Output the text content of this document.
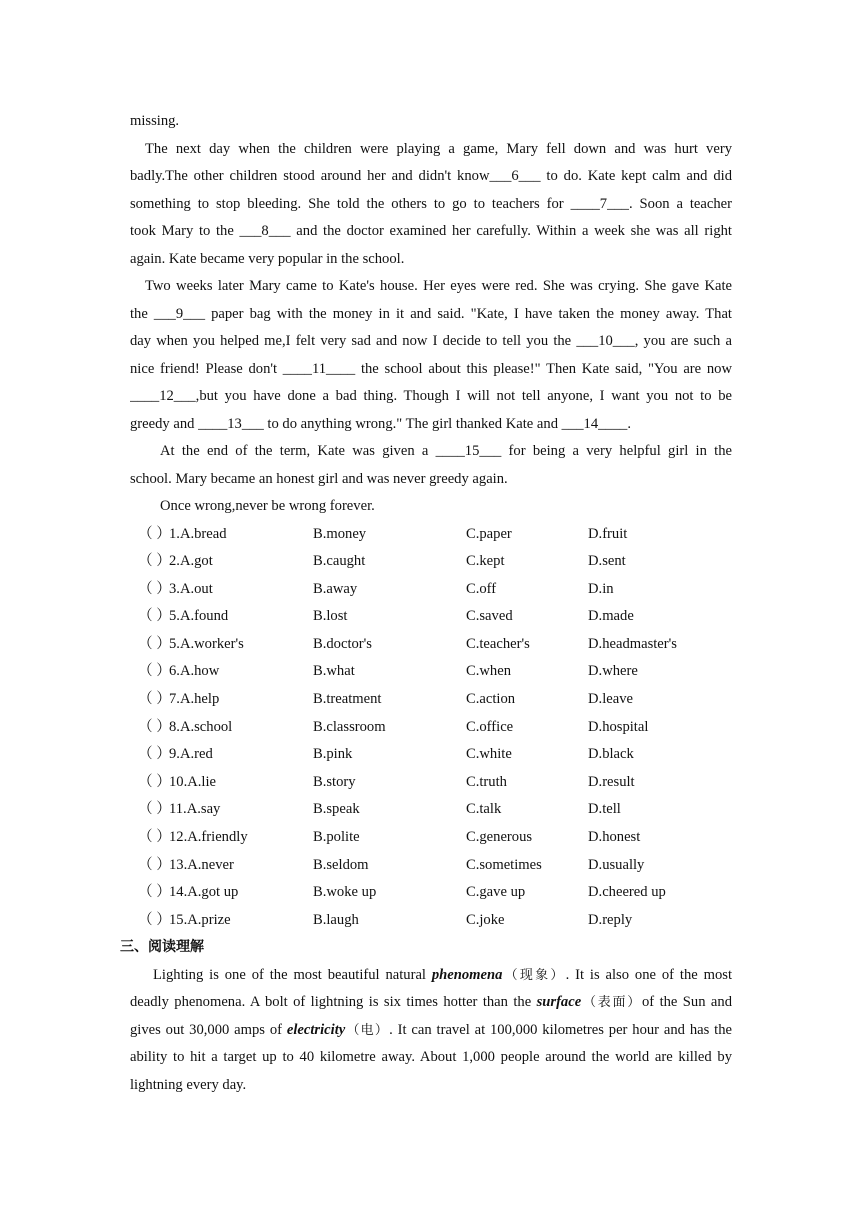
missing.
The next day when the children were playing a game, Mary fell down and was hurt very
badly.The other children stood around her and didn't know___6___ to do. Kate kept calm and did
something to stop bleeding. She told the others to go to teachers for ____7___. Soon a teacher
took Mary to the ___8___ and the doctor examined her carefully. Within a week she was all right
again. Kate became very popular in the school.
Two weeks later Mary came to Kate's house. Her eyes were red. She was crying. She gave Kate
the ___9___ paper bag with the money in it and said. "Kate, I have taken the money away. That
day when you helped me,I felt very sad and now I decide to tell you the ___10___, you are such a
nice friend! Please don't ____11____ the school about this please!" Then Kate said, "You are now
____12___,but you have done a bad thing. Though I will not tell anyone, I want you not to be
greedy and ____13___ to do anything wrong." The girl thanked Kate and ___14____.
At the end of the term, Kate was given a ____15___ for being a very helpful girl in the
school. Mary became an honest girl and was never greedy again.
Once wrong,never be wrong forever.
（ ）
1.A.bread	B.money	C.paper	D.fruit
（ ）
2.A.got	B.caught	C.kept	D.sent
（ ）
3.A.out	B.away	C.off	D.in
（ ）
5.A.found	B.lost	C.saved	D.made
（ ）
5.A.worker's	B.doctor's	C.teacher's	D.headmaster's
（ ）
6.A.how	B.what	C.when	D.where
（ ）
7.A.help	B.treatment	C.action	D.leave
（ ）
8.A.school	B.classroom	C.office	D.hospital
（ ）
9.A.red	B.pink	C.white	D.black
（ ）
10.A.lie	B.story	C.truth	D.result
（ ）
11.A.say	B.speak	C.talk	D.tell
（ ）
12.A.friendly	B.polite	C.generous	D.honest
（ ）
13.A.never	B.seldom	C.sometimes	D.usually
（ ）
14.A.got up	B.woke up	C.gave up	D.cheered up
（ ）
15.A.prize	B.laugh	C.joke	D.reply
三、阅读理解
Lighting is one of the most beautiful natural phenomena（现象）. It is also one of the most
deadly phenomena. A bolt of lightning is six times hotter than the surface（表面）of the Sun and
gives out 30,000 amps of electricity（电）. It can travel at 100,000 kilometres per hour and has the
ability to hit a target up to 40 kilometre away. About 1,000 people around the world are killed by
lightning every day.
